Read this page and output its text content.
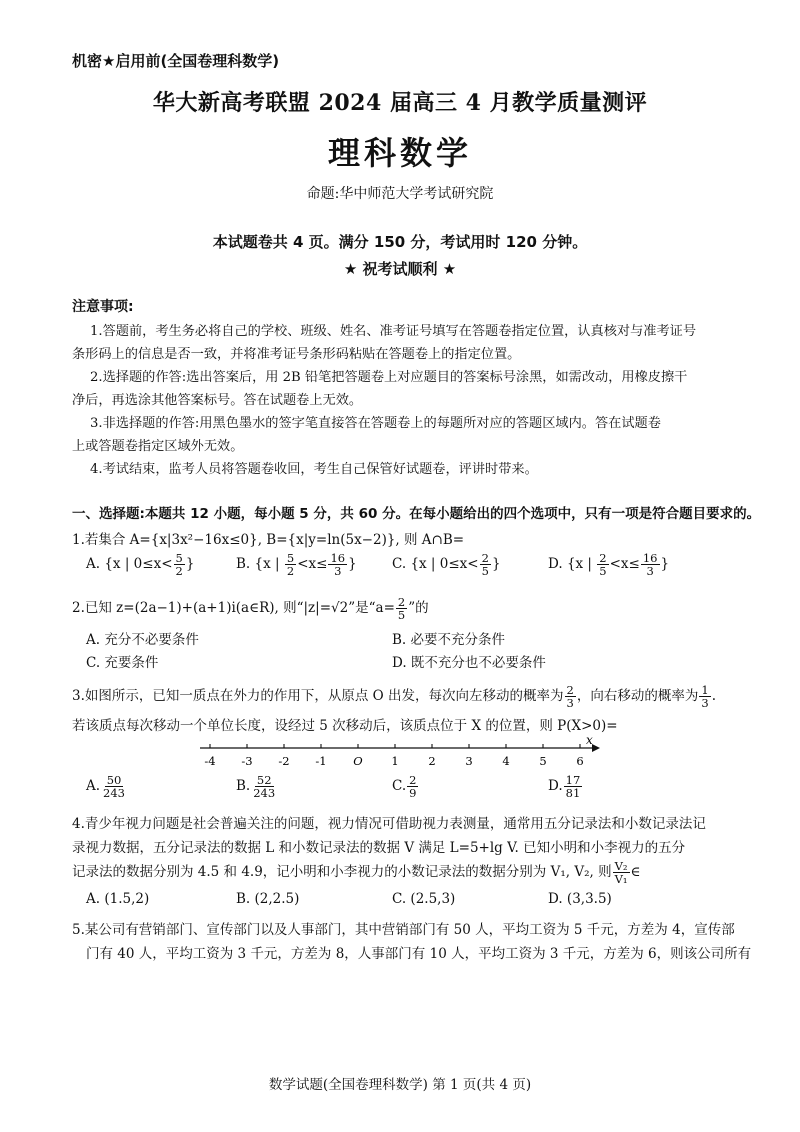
机密★启用前(全国卷理科数学)
华大新高考联盟 2024 届高三 4 月教学质量测评
理科数学
命题:华中师范大学考试研究院
本试题卷共 4 页。满分 150 分，考试用时 120 分钟。
★ 祝考试顺利 ★
注意事项:
1.答题前，考生务必将自己的学校、班级、姓名、准考证号填写在答题卷指定位置，认真核对与准考证号
条形码上的信息是否一致，并将准考证号条形码粘贴在答题卷上的指定位置。
2.选择题的作答:选出答案后，用 2B 铅笔把答题卷上对应题目的答案标号涂黑，如需改动，用橡皮擦干
净后，再选涂其他答案标号。答在试题卷上无效。
3.非选择题的作答:用黑色墨水的签字笔直接答在答题卷上的每题所对应的答题区域内。答在试题卷
上或答题卷指定区域外无效。
4.考试结束，监考人员将答题卷收回，考生自己保管好试题卷，评讲时带来。
一、选择题:本题共 12 小题，每小题 5 分，共 60 分。在每小题给出的四个选项中，只有一项是符合题目要求的。
1.若集合 A={x|3x²−16x≤0}, B={x|y=ln(5x−2)}, 则 A∩B=
A. {x | $0\le x< \frac{5}{2}$ }	B. {x | $\frac{5}{2} <x\le \frac{16}{3}$ }	C. {x | $0\le x< \frac{2}{5}$ }	D. {x | $\frac{2}{5} <x\le \frac{16}{3}$ }
2.已知 z=(2a−1)+(a+1)i(a∈R), 则“|z|=√2”是“$a= \frac{2}{5}$ ”的
A. 充分不必要条件	B. 必要不充分条件
C. 充要条件	D. 既不充分也不必要条件
3.如图所示，已知一质点在外力的作用下，从原点 O 出发，每次向左移动的概率为 $\frac{2}{3}$ ，向右移动的概率为 $\frac{1}{3}$ .
若该质点每次移动一个单位长度，设经过 5 次移动后，该质点位于 X 的位置，则 P(X>0)=
x
-4 -3 -2 -1 O 1	2	3	4	5	6
A. $\frac{50}{243}$	B. $\frac{52}{243}$	C. $\frac{2}{9}$	D. $\frac{17}{81}$
4.青少年视力问题是社会普遍关注的问题，视力情况可借助视力表测量，通常用五分记录法和小数记录法记
录视力数据，五分记录法的数据 L 和小数记录法的数据 V 满足 L=5+lg V. 已知小明和小李视力的五分
记录法的数据分别为 4.5 和 4.9，记小明和小李视力的小数记录法的数据分别为 V₁, V₂, 则 $\frac{\text{V₂}}{\text{V₁}}$ ∈
A. (1.5,2)	B. (2,2.5)	C. (2.5,3)	D. (3,3.5)
5.某公司有营销部门、宣传部门以及人事部门，其中营销部门有 50 人，平均工资为 5 千元，方差为 4，宣传部
门有 40 人，平均工资为 3 千元，方差为 8，人事部门有 10 人，平均工资为 3 千元，方差为 6，则该公司所有
数学试题(全国卷理科数学) 第 1 页(共 4 页)
